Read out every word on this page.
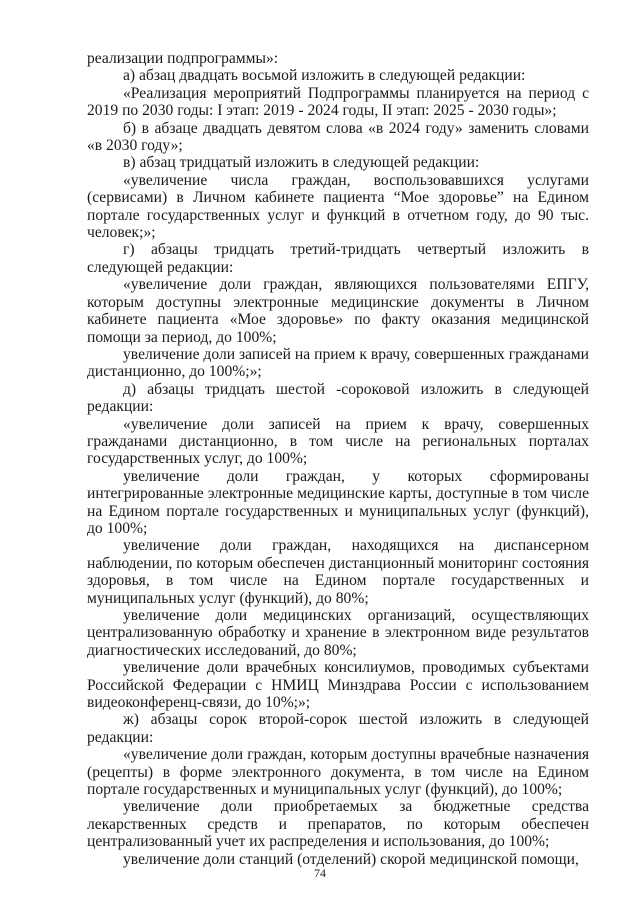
реализации подпрограммы»:

а) абзац двадцать восьмой изложить в следующей редакции:

«Реализация мероприятий Подпрограммы планируется на период с 2019 по 2030 годы: I этап: 2019 - 2024 годы, II этап: 2025 - 2030 годы»;

б) в абзаце двадцать девятом слова «в 2024 году» заменить словами «в 2030 году»;

в) абзац тридцатый изложить в следующей редакции:

«увеличение числа граждан, воспользовавшихся услугами (сервисами) в Личном кабинете пациента “Мое здоровье” на Едином портале государственных услуг и функций в отчетном году, до 90 тыс. человек;»;

г) абзацы тридцать третий-тридцать четвертый изложить в следующей редакции:

«увеличение доли граждан, являющихся пользователями ЕПГУ, которым доступны электронные медицинские документы в Личном кабинете пациента «Мое здоровье» по факту оказания медицинской помощи за период, до 100%;

увеличение доли записей на прием к врачу, совершенных гражданами дистанционно, до 100%;»;

д) абзацы тридцать шестой -сороковой изложить в следующей редакции:

«увеличение доли записей на прием к врачу, совершенных гражданами дистанционно, в том числе на региональных порталах государственных услуг, до 100%;

увеличение доли граждан, у которых сформированы интегрированные электронные медицинские карты, доступные в том числе на Едином портале государственных и муниципальных услуг (функций), до 100%;

увеличение доли граждан, находящихся на диспансерном наблюдении, по которым обеспечен дистанционный мониторинг состояния здоровья, в том числе на Едином портале государственных и муниципальных услуг (функций), до 80%;

увеличение доли медицинских организаций, осуществляющих централизованную обработку и хранение в электронном виде результатов диагностических исследований, до 80%;

увеличение доли врачебных консилиумов, проводимых субъектами Российской Федерации с НМИЦ Минздрава России с использованием видеоконференц-связи, до 10%;»;

ж) абзацы сорок второй-сорок шестой изложить в следующей редакции:

«увеличение доли граждан, которым доступны врачебные назначения (рецепты) в форме электронного документа, в том числе на Едином портале государственных и муниципальных услуг (функций), до 100%;

увеличение доли приобретаемых за бюджетные средства лекарственных средств и препаратов, по которым обеспечен централизованный учет их распределения и использования, до 100%;

увеличение доли станций (отделений) скорой медицинской помощи,

74
